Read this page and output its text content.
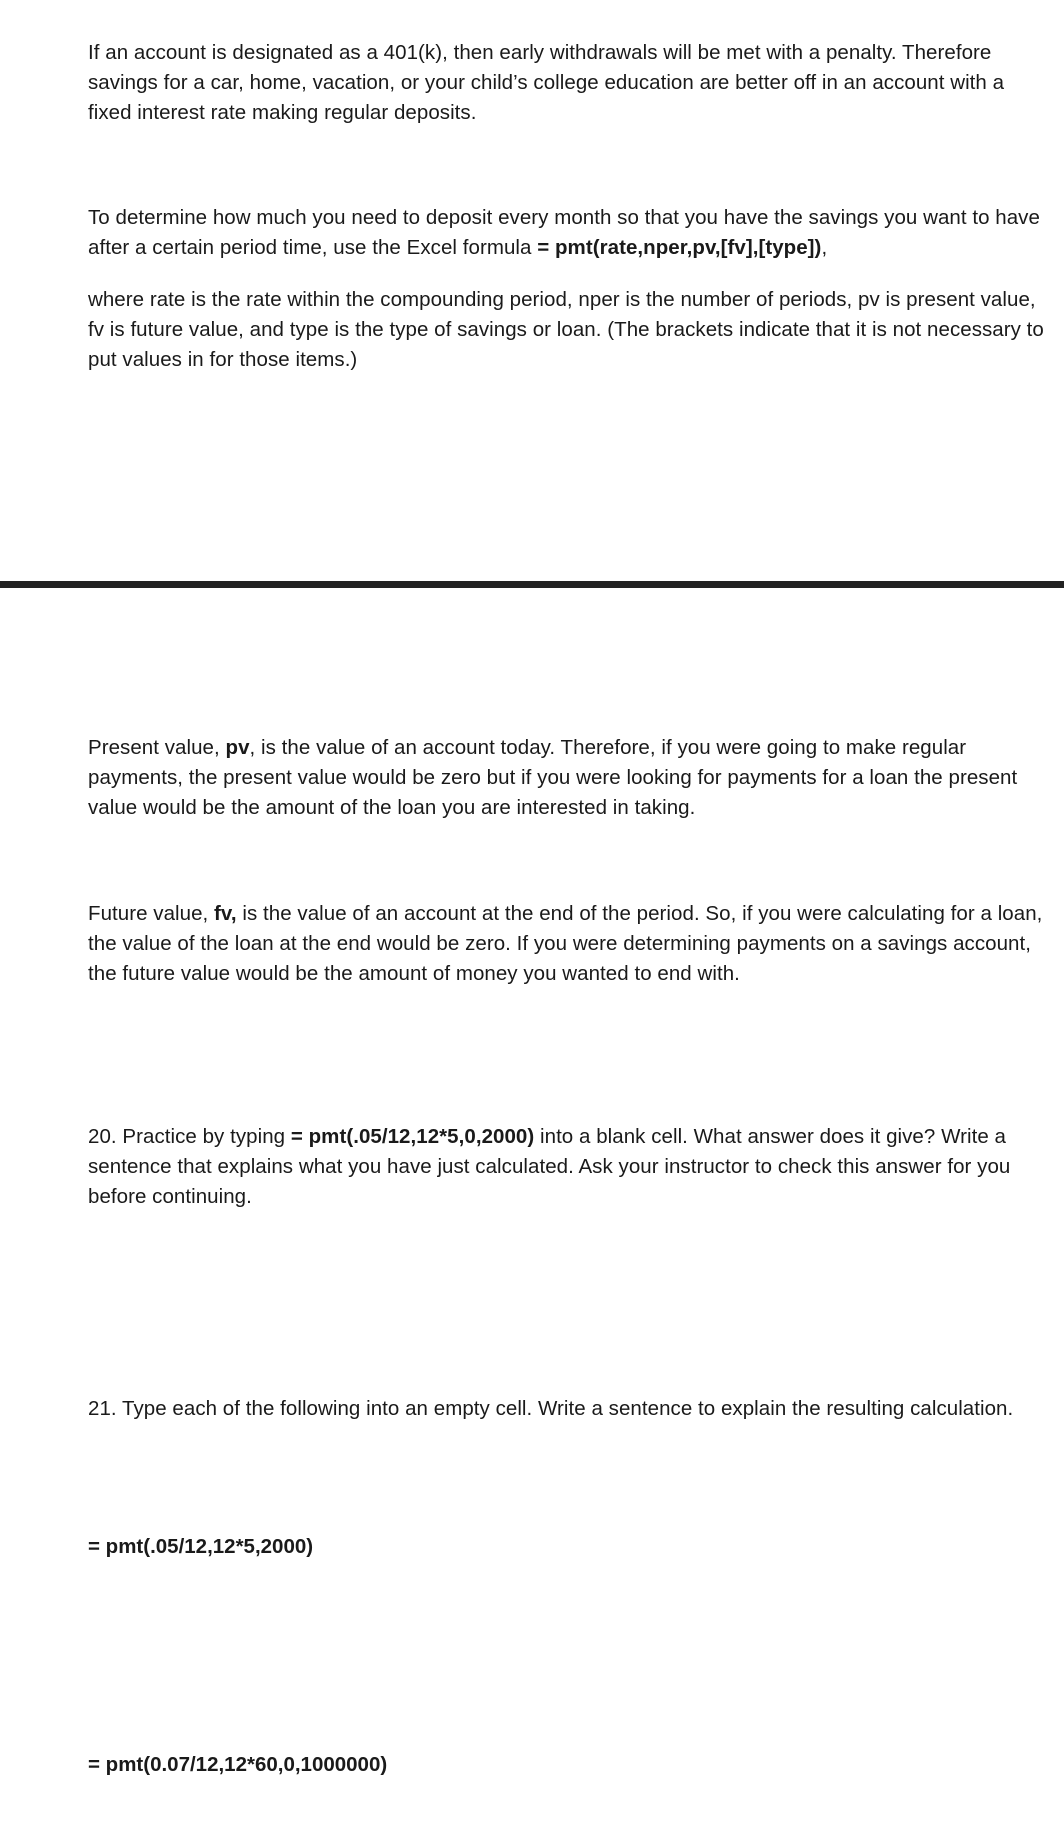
If an account is designated as a 401(k), then early withdrawals will be met with a penalty. Therefore savings for a car, home, vacation, or your child’s college education are better off in an account with a fixed interest rate making regular deposits.

To determine how much you need to deposit every month so that you have the savings you want to have after a certain period time, use the Excel formula = pmt(rate,nper,pv,[fv],[type]),

where rate is the rate within the compounding period, nper is the number of periods, pv is present value, fv is future value, and type is the type of savings or loan. (The brackets indicate that it is not necessary to put values in for those items.)

Present value, pv, is the value of an account today. Therefore, if you were going to make regular payments, the present value would be zero but if you were looking for payments for a loan the present value would be the amount of the loan you are interested in taking.

Future value, fv, is the value of an account at the end of the period. So, if you were calculating for a loan, the value of the loan at the end would be zero. If you were determining payments on a savings account, the future value would be the amount of money you wanted to end with.

20. Practice by typing = pmt(.05/12,12*5,0,2000) into a blank cell. What answer does it give? Write a sentence that explains what you have just calculated. Ask your instructor to check this answer for you before continuing.

21. Type each of the following into an empty cell. Write a sentence to explain the resulting calculation.

= pmt(.05/12,12*5,2000)

= pmt(0.07/12,12*60,0,1000000)
